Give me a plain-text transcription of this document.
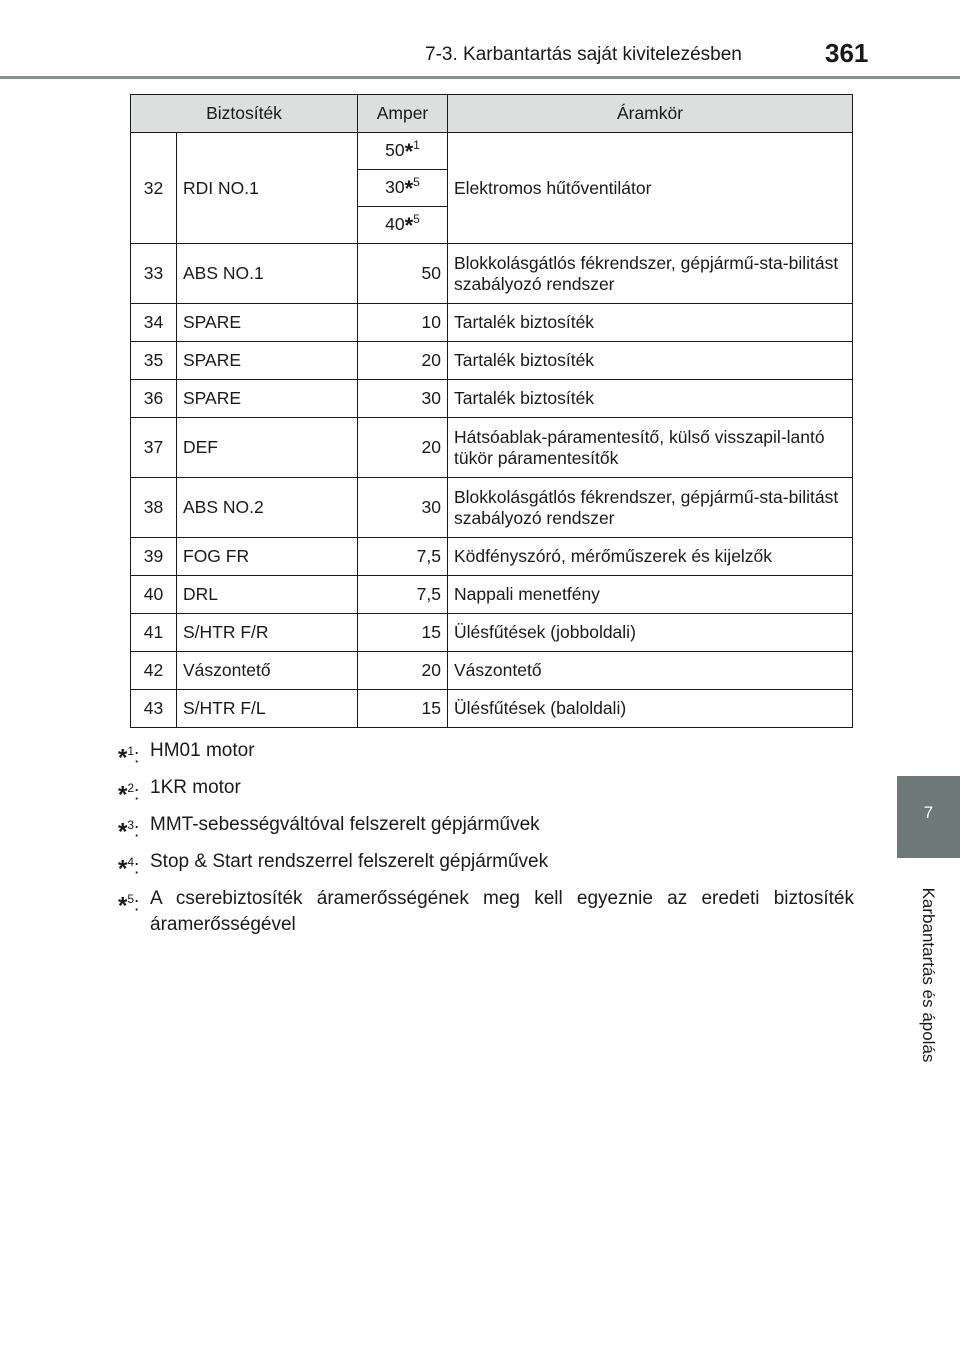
7-3. Karbantartás saját kivitelezésben	361
7
Karbantartás és ápolás
Biztosíték		Amper	Áramkör
32	RDI NO.1	50*$^1$	Elektromos hűtőventilátor
		30*$^5$
		40*$^5$
33	ABS NO.1	50	Blokkolásgátlós fékrendszer, gépjármű-sta-bilitást szabályozó rendszer
34	SPARE	10	Tartalék biztosíték
35	SPARE	20	Tartalék biztosíték
36	SPARE	30	Tartalék biztosíték
37	DEF	20	Hátsóablak-páramentesítő, külső visszapil-lantó tükör páramentesítők
38	ABS NO.2	30	Blokkolásgátlós fékrendszer, gépjármű-sta-bilitást szabályozó rendszer
39	FOG FR	7,5	Ködfényszóró, mérőműszerek és kijelzők
40	DRL	7,5	Nappali menetfény
41	S/HTR F/R	15	Ülésfűtések (jobboldali)
42	Vászontető	20	Vászontető
43	S/HTR F/L	15	Ülésfűtések (baloldali)
*$^1$: HM01 motor
*$^2$: 1KR motor
*$^3$: MMT-sebességváltóval felszerelt gépjárművek
*$^4$: Stop & Start rendszerrel felszerelt gépjárművek
*$^5$: A cserebiztosíték áramerősségének meg kell egyeznie az eredeti biztosíték áramerősségével
